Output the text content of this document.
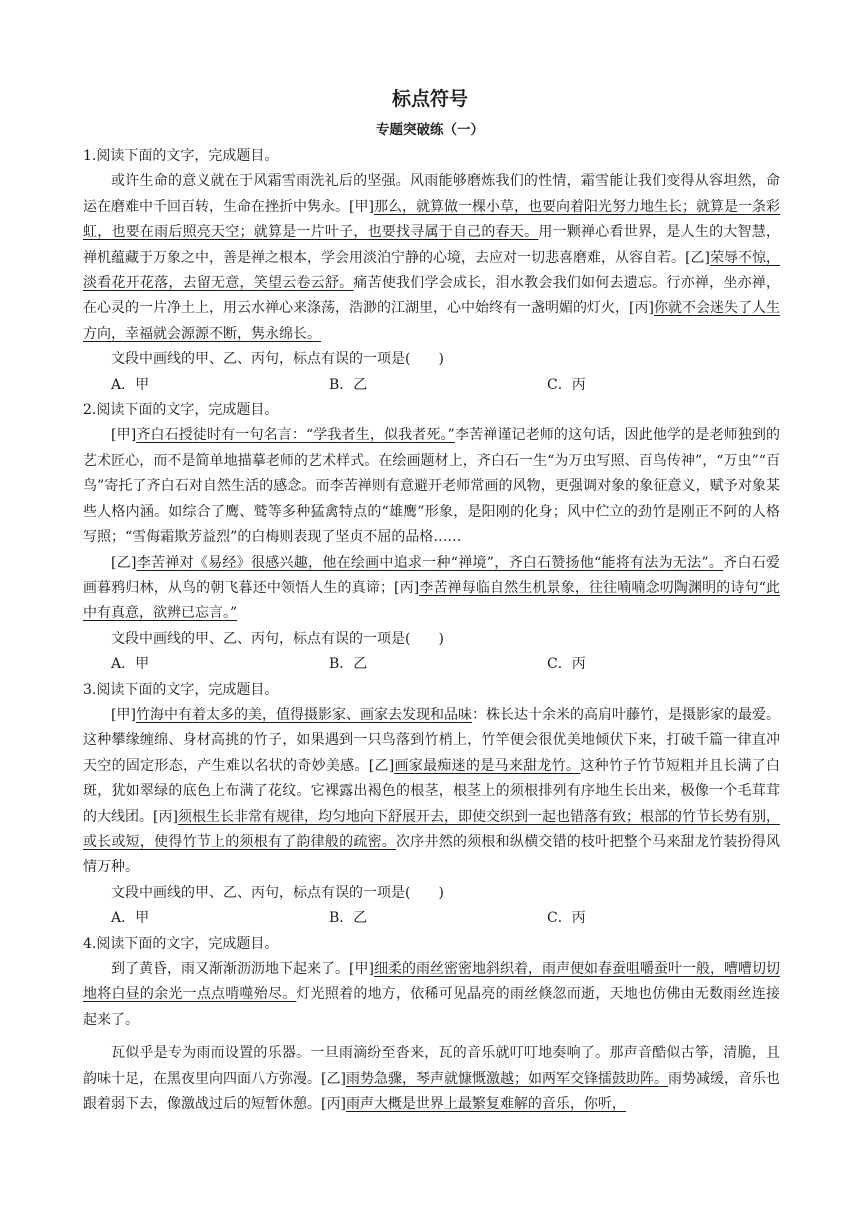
标点符号
专题突破练（一）

1.阅读下面的文字，完成题目。

或许生命的意义就在于风霜雪雨洗礼后的坚强。风雨能够磨炼我们的性情，霜雪能让我们变得从容坦然，命运在磨难中千回百转，生命在挫折中隽永。[甲]那么，就算做一棵小草，也要向着阳光努力地生长；就算是一条彩虹，也要在雨后照亮天空；就算是一片叶子，也要找寻属于自己的春天。用一颗禅心看世界，是人生的大智慧，禅机蕴藏于万象之中，善是禅之根本，学会用淡泊宁静的心境，去应对一切悲喜磨难，从容自若。[乙]荣辱不惊，淡看花开花落，去留无意，笑望云卷云舒。痛苦使我们学会成长，泪水教会我们如何去遗忘。行亦禅，坐亦禅，在心灵的一片净土上，用云水禅心来涤荡，浩渺的江湖里，心中始终有一盏明媚的灯火，[丙]你就不会迷失了人生方向，幸福就会源源不断，隽永绵长。

文段中画线的甲、乙、丙句，标点有误的一项是(　　)

A．甲	B．乙	C．丙

2.阅读下面的文字，完成题目。

[甲]齐白石授徒时有一句名言：“学我者生，似我者死。”李苦禅谨记老师的这句话，因此他学的是老师独到的艺术匠心，而不是简单地描摹老师的艺术样式。在绘画题材上，齐白石一生“为万虫写照、百鸟传神”，“万虫”“百鸟”寄托了齐白石对自然生活的感念。而李苦禅则有意避开老师常画的风物，更强调对象的象征意义，赋予对象某些人格内涵。如综合了鹰、鹫等多种猛禽特点的“雄鹰”形象，是阳刚的化身；风中伫立的劲竹是刚正不阿的人格写照；“雪侮霜欺芳益烈”的白梅则表现了坚贞不屈的品格……

[乙]李苦禅对《易经》很感兴趣，他在绘画中追求一种“禅境”，齐白石赞扬他“能将有法为无法”。齐白石爱画暮鸦归林，从鸟的朝飞暮还中领悟人生的真谛；[丙]李苦禅每临自然生机景象，往往喃喃念叨陶渊明的诗句“此中有真意，欲辨已忘言。”

文段中画线的甲、乙、丙句，标点有误的一项是(　　)

A．甲	B．乙	C．丙

3.阅读下面的文字，完成题目。

[甲]竹海中有着太多的美，值得摄影家、画家去发现和品味：株长达十余米的高肩叶藤竹，是摄影家的最爱。这种攀缘缠绵、身材高挑的竹子，如果遇到一只鸟落到竹梢上，竹竿便会很优美地倾伏下来，打破千篇一律直冲天空的固定形态，产生难以名状的奇妙美感。[乙]画家最痴迷的是马来甜龙竹。这种竹子竹节短粗并且长满了白斑，犹如翠绿的底色上布满了花纹。它裸露出褐色的根茎，根茎上的须根排列有序地生长出来，极像一个毛茸茸的大线团。[丙]须根生长非常有规律，均匀地向下舒展开去，即使交织到一起也错落有致；根部的竹节长势有别，或长或短，使得竹节上的须根有了韵律般的疏密。次序井然的须根和纵横交错的枝叶把整个马来甜龙竹装扮得风情万种。

文段中画线的甲、乙、丙句，标点有误的一项是(　　)

A．甲	B．乙	C．丙

4.阅读下面的文字，完成题目。

到了黄昏，雨又渐渐沥沥地下起来了。[甲]细柔的雨丝密密地斜织着，雨声便如春蚕咀嚼蚕叶一般，嘈嘈切切地将白昼的余光一点点啃噬殆尽。灯光照着的地方，依稀可见晶亮的雨丝倏忽而逝，天地也仿佛由无数雨丝连接起来了。

瓦似乎是专为雨而设置的乐器。一旦雨滴纷至沓来，瓦的音乐就叮叮地奏响了。那声音酷似古筝，清脆，且韵味十足，在黑夜里向四面八方弥漫。[乙]雨势急骤，琴声就慷慨激越；如两军交锋擂鼓助阵。雨势减缓，音乐也跟着弱下去，像激战过后的短暂休憩。[丙]雨声大概是世界上最繁复难解的音乐，你听，
